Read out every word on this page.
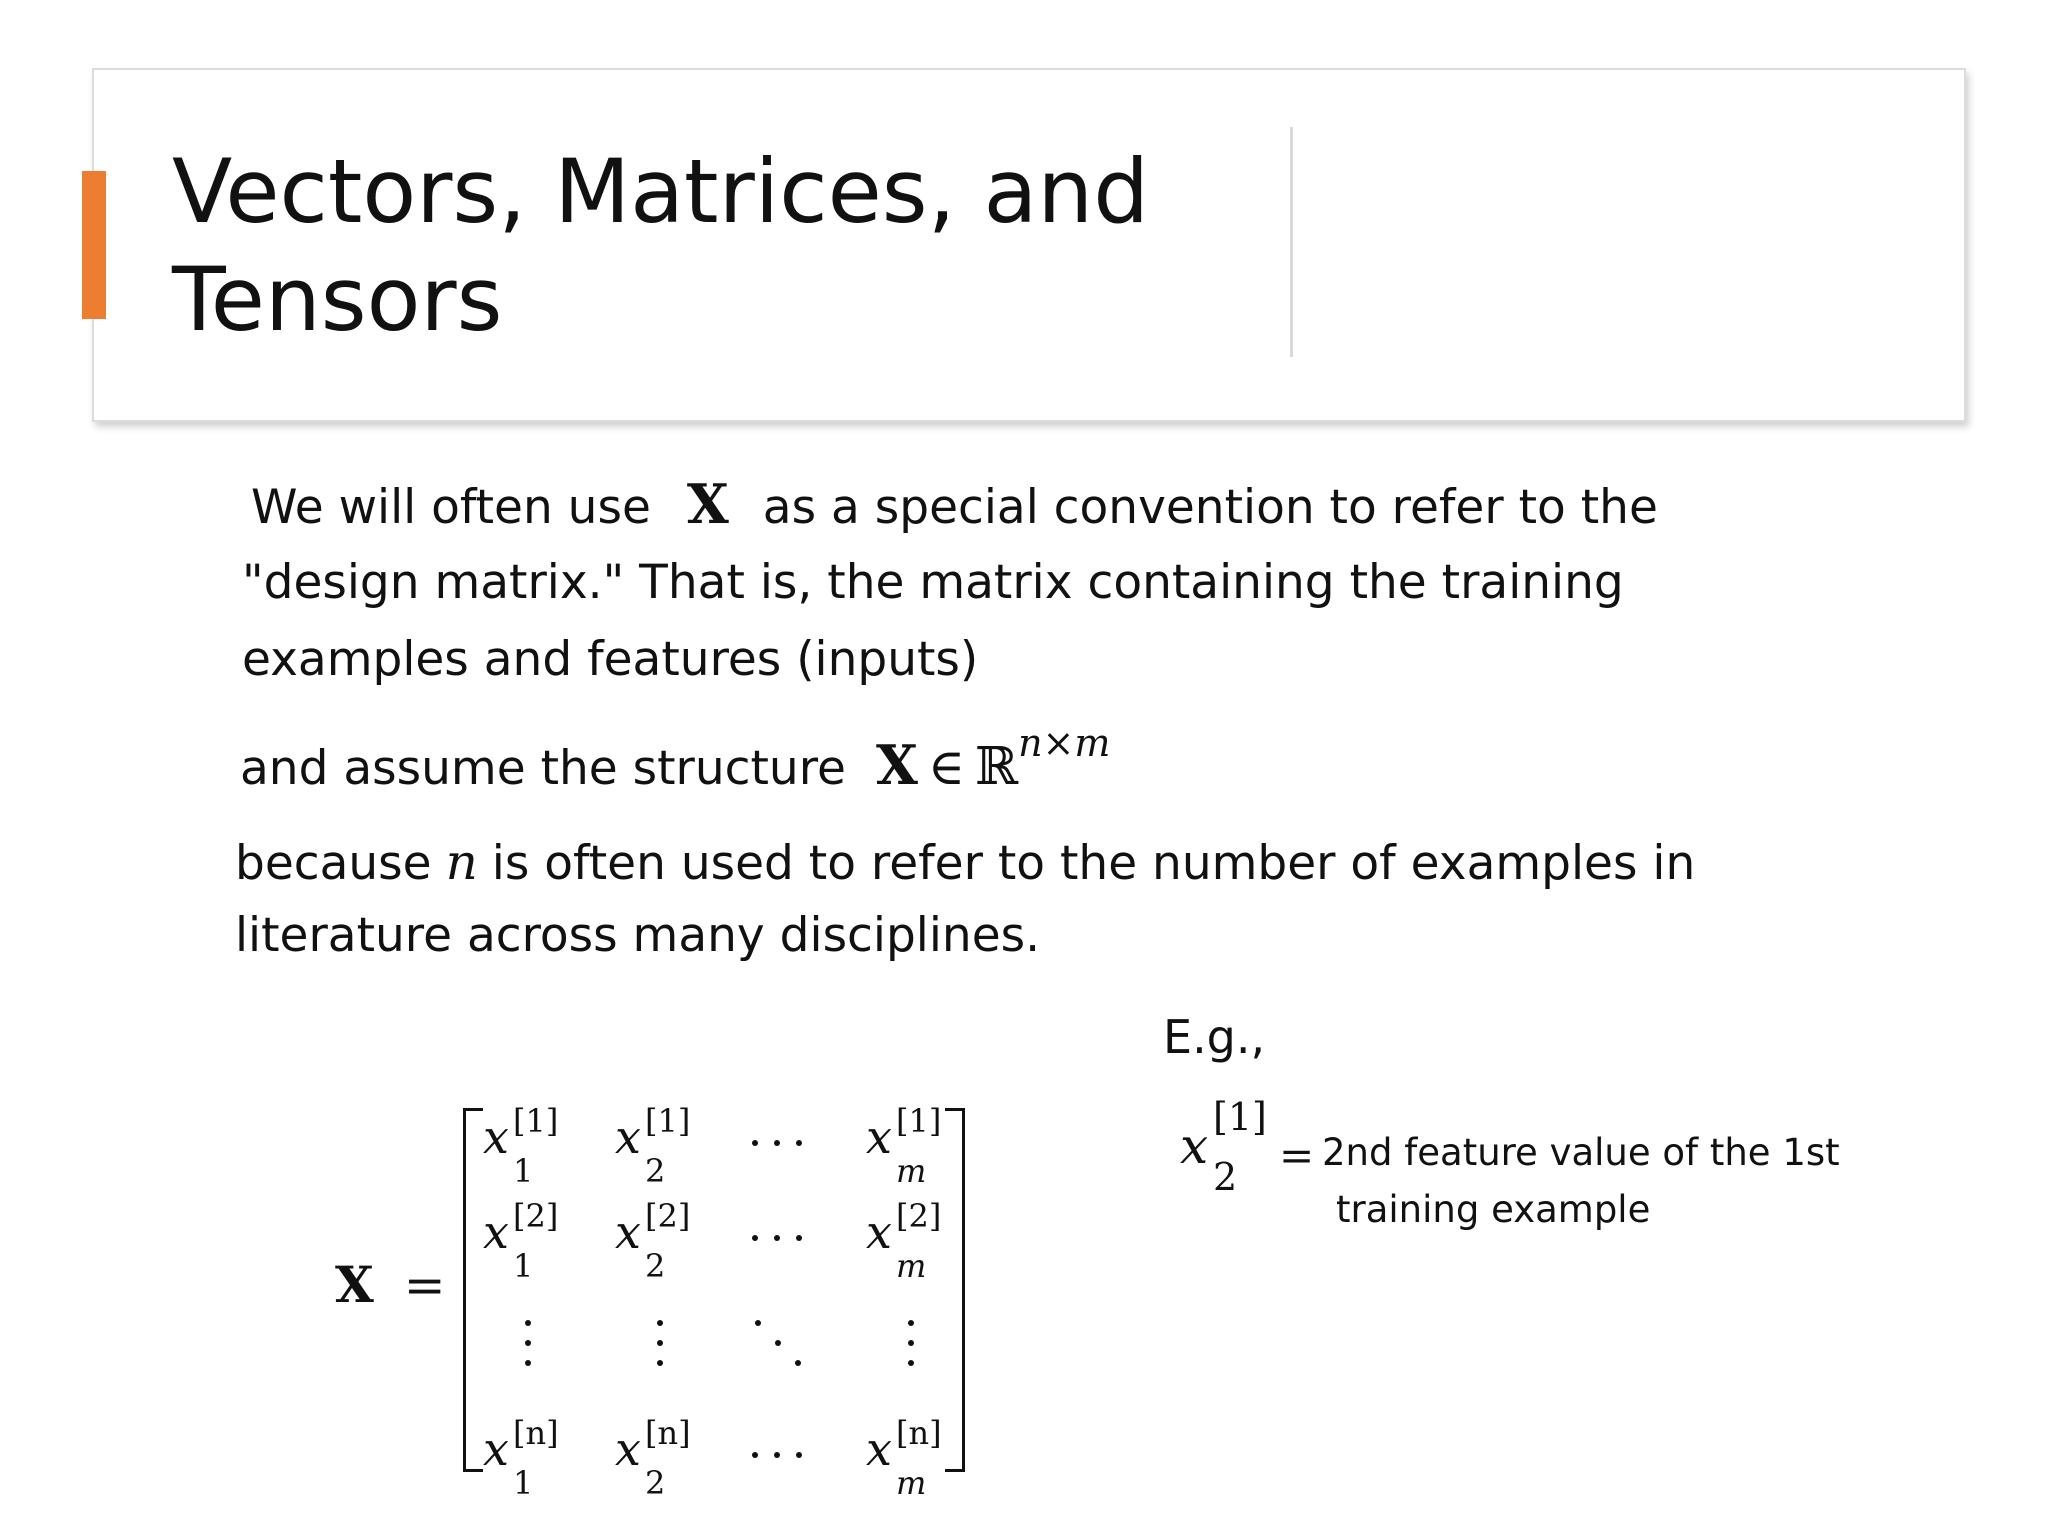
Vectors, Matrices, and
Tensors
We will often use X as a special convention to refer to the
"design matrix." That is, the matrix containing the training
examples and features (inputs)
and assume the structure X ∈ ℝ$^{n\times m}$
because n is often used to refer to the number of examples in
literature across many disciplines.
X =
x [1]
1
x [1]
2
x [1]
m
x [2]
1
x [2]
2
x [2]
m
x [n]
1
x [n]
2
x [n]
m
E.g.,
x [1]
2 = 2nd feature value of the 1st
training example
